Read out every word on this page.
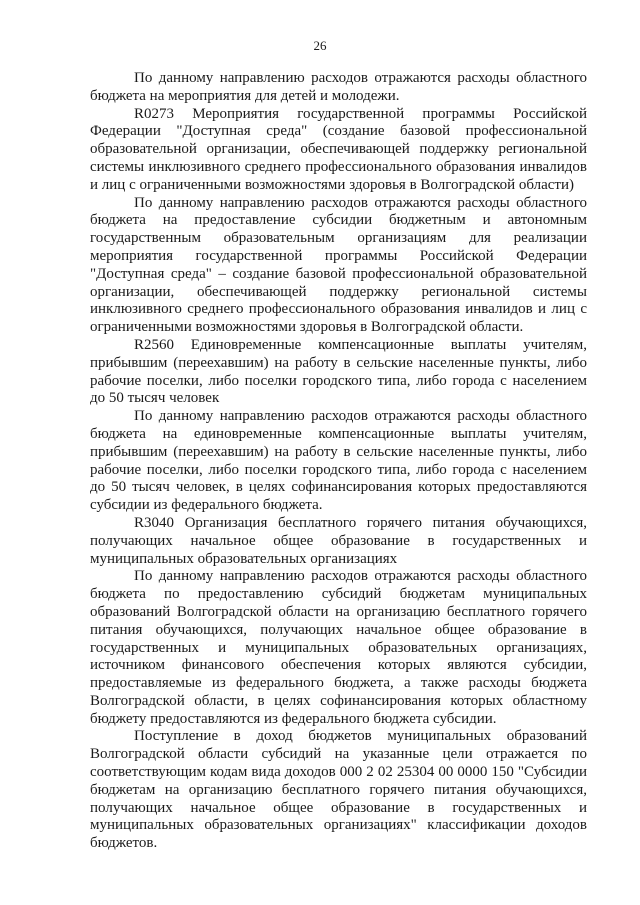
26

По данному направлению расходов отражаются расходы областного бюджета на мероприятия для детей и молодежи.

R0273 Мероприятия государственной программы Российской Федерации "Доступная среда" (создание базовой профессиональной образовательной организации, обеспечивающей поддержку региональной системы инклюзивного среднего профессионального образования инвалидов и лиц с ограниченными возможностями здоровья в Волгоградской области)

По данному направлению расходов отражаются расходы областного бюджета на предоставление субсидии бюджетным и автономным государственным образовательным организациям для реализации мероприятия государственной программы Российской Федерации "Доступная среда" – создание базовой профессиональной образовательной организации, обеспечивающей поддержку региональной системы инклюзивного среднего профессионального образования инвалидов и лиц с ограниченными возможностями здоровья в Волгоградской области.

R2560 Единовременные компенсационные выплаты учителям, прибывшим (переехавшим) на работу в сельские населенные пункты, либо рабочие поселки, либо поселки городского типа, либо города с населением до 50 тысяч человек

По данному направлению расходов отражаются расходы областного бюджета на единовременные компенсационные выплаты учителям, прибывшим (переехавшим) на работу в сельские населенные пункты, либо рабочие поселки, либо поселки городского типа, либо города с населением до 50 тысяч человек, в целях софинансирования которых предоставляются субсидии из федерального бюджета.

R3040 Организация бесплатного горячего питания обучающихся, получающих начальное общее образование в государственных и муниципальных образовательных организациях

По данному направлению расходов отражаются расходы областного бюджета по предоставлению субсидий бюджетам муниципальных образований Волгоградской области на организацию бесплатного горячего питания обучающихся, получающих начальное общее образование в государственных и муниципальных образовательных организациях, источником финансового обеспечения которых являются субсидии, предоставляемые из федерального бюджета, а также расходы бюджета Волгоградской области, в целях софинансирования которых областному бюджету предоставляются из федерального бюджета субсидии.

Поступление в доход бюджетов муниципальных образований Волгоградской области субсидий на указанные цели отражается по соответствующим кодам вида доходов 000 2 02 25304 00 0000 150 "Субсидии бюджетам на организацию бесплатного горячего питания обучающихся, получающих начальное общее образование в государственных и муниципальных образовательных организациях" классификации доходов бюджетов.
